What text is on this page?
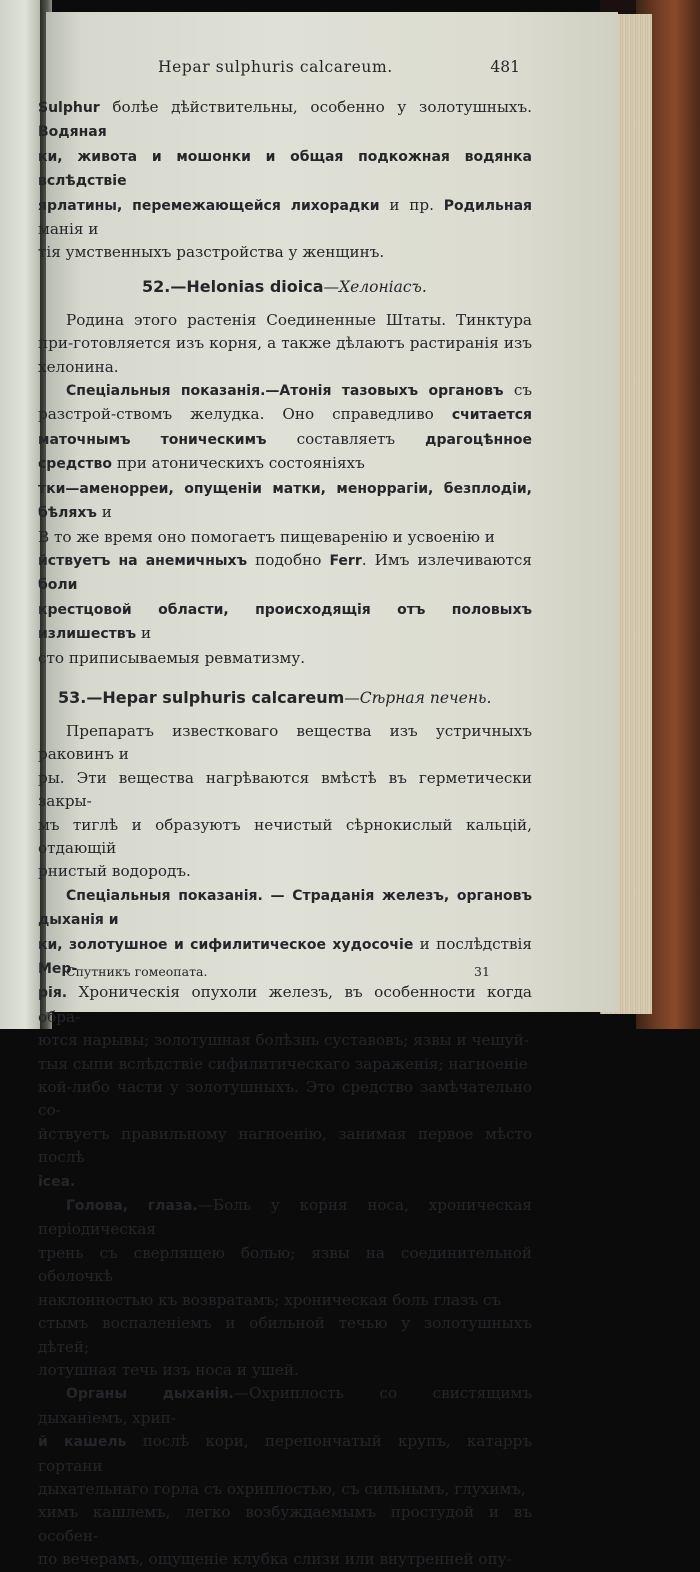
Hepar sulphuris calcareum.	481

Sulphur болѣе дѣйствительны, особенно у золотушныхъ. Водяная

ки, живота и мошонки и общая подкожная водянка вслѣдствіе

ярлатины, перемежающейся лихорадки и пр. Родильная манія и

тія умственныхъ разстройства у женщинъ.

52.—Helonias dioica—Хелоніасъ.

Родина этого растенія Соединенные Штаты. Тинктура при-готовляется изъ корня, а также дѣлаютъ растиранія изъ хелонина.

Спеціальныя показанія.—Атонія тазовыхъ органовъ съ разстрой-ствомъ желудка. Оно справедливо считается маточнымъ тоническимъ составляетъ драгоцѣнное средство при атоническихъ состояніяхъ

тки—аменорреи, опущеніи матки, меноррагіи, безплодіи, бѣляхъ и

В то же время оно помогаетъ пищеваренію и усвоенію и

йствуетъ на анемичныхъ подобно Ferr. Имъ излечиваются боли

крестцовой области, происходящія отъ половыхъ излишествъ и

сто приписываемыя ревматизму.

53.—Hepar sulphuris calcareum—Сѣрная печень.

Препаратъ известковаго вещества изъ устричныхъ раковинъ и

ры. Эти вещества нагрѣваются вмѣстѣ въ герметически закры-

мъ тиглѣ и образуютъ нечистый сѣрнокислый кальцій, отдающій

рнистый водородъ.

Спеціальныя показанія. — Страданія железъ, органовъ дыханія и

ки, золотушное и сифилитическое худосочіе и послѣдствія Мер-

рія. Хроническія опухоли железъ, въ особенности когда обра-

ются нарывы; золотушная болѣзнь суставовъ; язвы и чешуй-

тыя сыпи вслѣдствіе сифилитическаго зараженія; нагноеніе

кой-либо части у золотушныхъ. Это средство замѣчательно со-

йствуетъ правильному нагноенію, занимая первое мѣсто послѣ

ісеа.

Голова, глаза.—Боль у корня носа, хроническая періодическая

трень съ сверлящею болью; язвы на соединительной оболочкѣ

наклонностью къ возвратамъ; хроническая боль глазъ съ

стымъ воспаленіемъ и обильной течью у золотушныхъ дѣтей;

лотушная течь изъ носа и ушей.

Органы дыханія.—Охриплость со свистящимъ дыханіемъ, хрип-

й кашель послѣ кори, перепончатый крупъ, катарръ гортани

дыхательнаго горла съ охриплостью, съ сильнымъ, глухимъ,

химъ кашлемъ, легко возбуждаемымъ простудой и въ особен-

по вечерамъ, ощущеніе клубка слизи или внутренней опу-

Спутникъ гомеопата.	31
